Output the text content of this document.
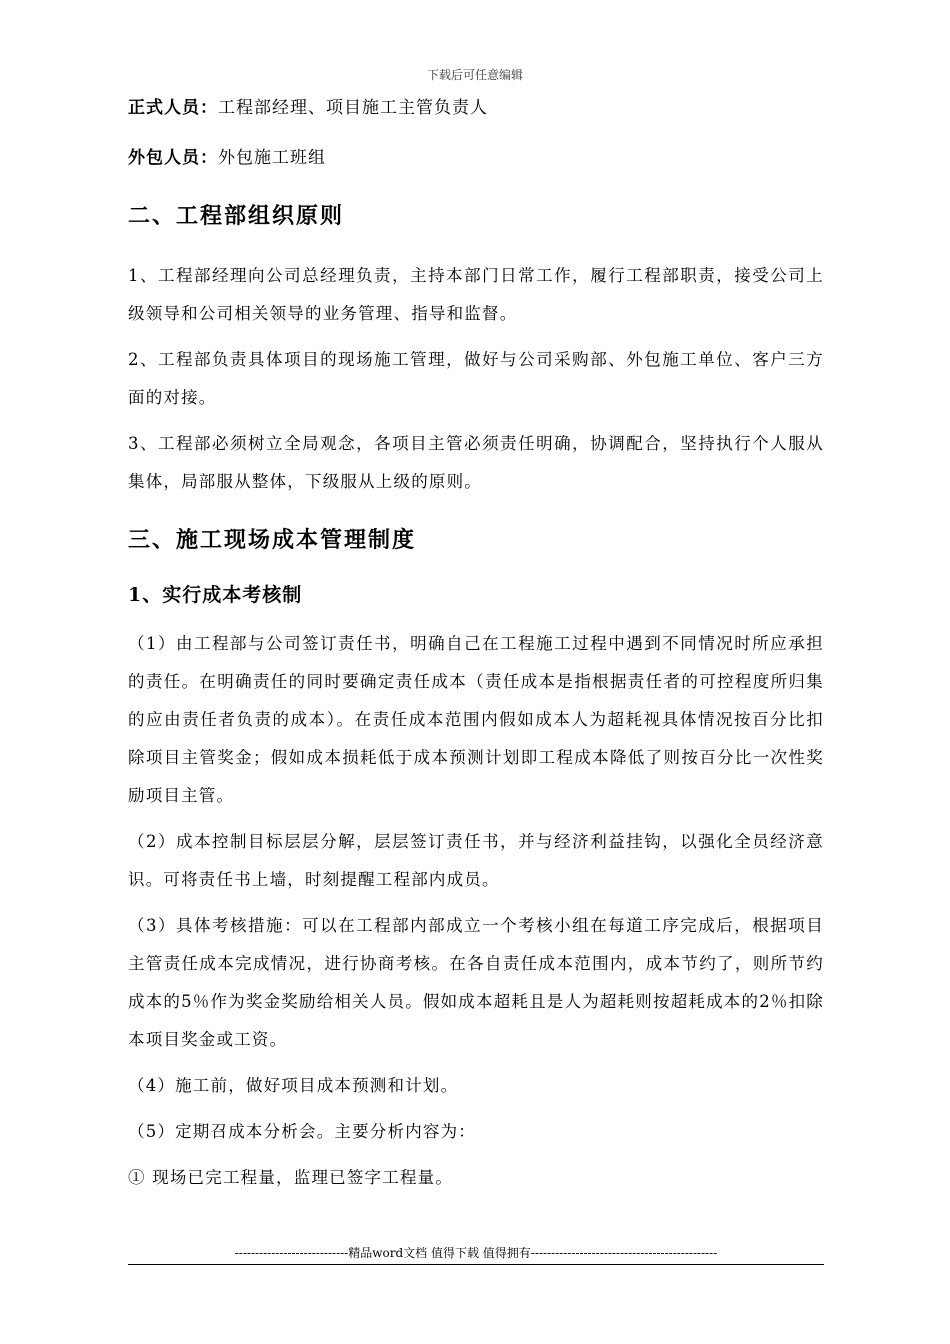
下载后可任意编辑

正式人员：工程部经理、项目施工主管负责人

外包人员：外包施工班组

二、工程部组织原则

1、工程部经理向公司总经理负责，主持本部门日常工作，履行工程部职责，接受公司上级领导和公司相关领导的业务管理、指导和监督。

2、工程部负责具体项目的现场施工管理，做好与公司采购部、外包施工单位、客户三方面的对接。

3、工程部必须树立全局观念，各项目主管必须责任明确，协调配合，坚持执行个人服从集体，局部服从整体，下级服从上级的原则。

三、施工现场成本管理制度
1、实行成本考核制

（1）由工程部与公司签订责任书，明确自己在工程施工过程中遇到不同情况时所应承担的责任。在明确责任的同时要确定责任成本（责任成本是指根据责任者的可控程度所归集的应由责任者负责的成本）。在责任成本范围内假如成本人为超耗视具体情况按百分比扣除项目主管奖金；假如成本损耗低于成本预测计划即工程成本降低了则按百分比一次性奖励项目主管。

（2）成本控制目标层层分解，层层签订责任书，并与经济利益挂钩，以强化全员经济意识。可将责任书上墙，时刻提醒工程部内成员。

（3）具体考核措施：可以在工程部内部成立一个考核小组在每道工序完成后，根据项目主管责任成本完成情况，进行协商考核。在各自责任成本范围内，成本节约了，则所节约成本的5％作为奖金奖励给相关人员。假如成本超耗且是人为超耗则按超耗成本的2％扣除本项目奖金或工资。

（4）施工前，做好项目成本预测和计划。

（5）定期召成本分析会。主要分析内容为：

① 现场已完工程量，监理已签字工程量。

----------------------------精品word文档 值得下载 值得拥有----------------------------------------------
